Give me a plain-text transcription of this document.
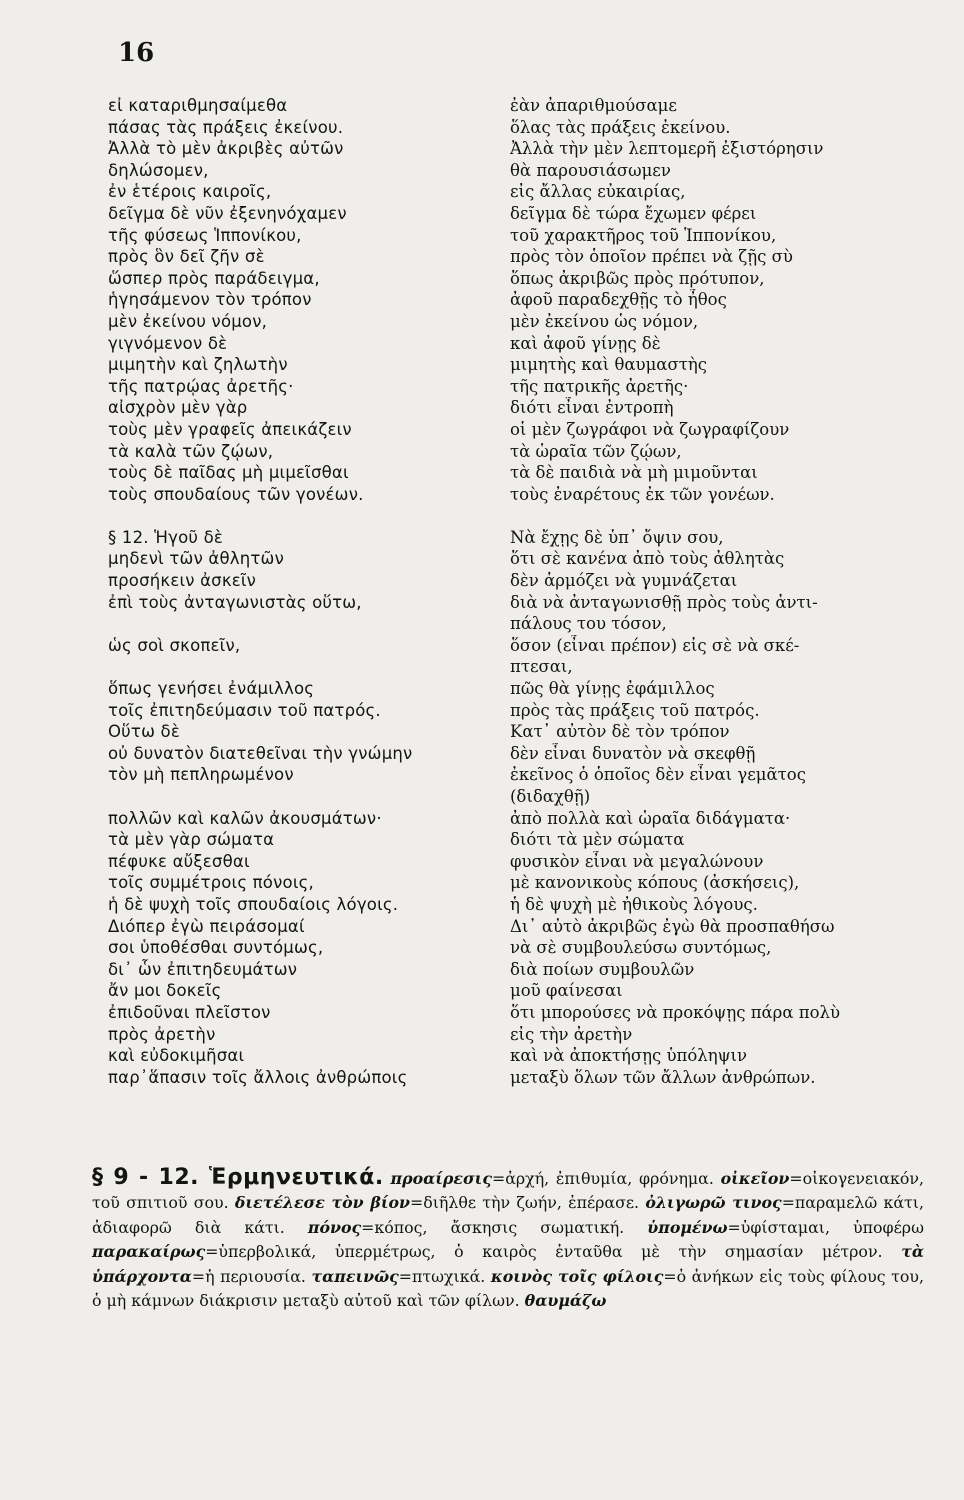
16
εἰ καταριθμησαίμεθα
πάσας τὰς πράξεις ἐκείνου.
Ἀλλὰ τὸ μὲν ἀκριβὲς αὐτῶν
δηλώσομεν,
ἐν ἑτέροις καιροῖς,
δεῖγμα δὲ νῦν ἐξενηνόχαμεν
τῆς φύσεως Ἱππονίκου,
πρὸς ὃν δεῖ ζῆν σὲ
ὥσπερ πρὸς παράδειγμα,
ἡγησάμενον τὸν τρόπον
μὲν ἐκείνου νόμον,
γιγνόμενον δὲ
μιμητὴν καὶ ζηλωτὴν
τῆς πατρῴας ἀρετῆς·
αἰσχρὸν μὲν γὰρ
τοὺς μὲν γραφεῖς ἀπεικάζειν
τὰ καλὰ τῶν ζῴων,
τοὺς δὲ παῖδας μὴ μιμεῖσθαι
τοὺς σπουδαίους τῶν γονέων.
§ 12. Ἡγοῦ δὲ
μηδενὶ τῶν ἀθλητῶν
προσήκειν ἀσκεῖν
ἐπὶ τοὺς ἀνταγωνιστὰς οὕτω,
ὡς σοὶ σκοπεῖν,
ὅπως γενήσει ἐνάμιλλος
τοῖς ἐπιτηδεύμασιν τοῦ πατρός.
Οὕτω δὲ
οὐ δυνατὸν διατεθεῖναι τὴν γνώμην
τὸν μὴ πεπληρωμένον
πολλῶν καὶ καλῶν ἀκουσμάτων·
τὰ μὲν γὰρ σώματα
πέφυκε αὔξεσθαι
τοῖς συμμέτροις πόνοις,
ἡ δὲ ψυχὴ τοῖς σπουδαίοις λόγοις.
Διόπερ ἐγὼ πειράσομαί
σοι ὑποθέσθαι συντόμως,
δι᾽ ὧν ἐπιτηδευμάτων
ἄν μοι δοκεῖς
ἐπιδοῦναι πλεῖστον
πρὸς ἀρετὴν
καὶ εὐδοκιμῆσαι
παρ᾽ἅπασιν τοῖς ἄλλοις ἀνθρώποις
ἐὰν ἀπαριθμούσαμε
ὅλας τὰς πράξεις ἐκείνου.
Ἀλλὰ τὴν μὲν λεπτομερῆ ἐξιστόρησιν
θὰ παρουσιάσωμεν
εἰς ἄλλας εὐκαιρίας,
δεῖγμα δὲ τώρα ἔχωμεν φέρει
τοῦ χαρακτῆρος τοῦ Ἱππονίκου,
πρὸς τὸν ὁποῖον πρέπει νὰ ζῇς σὺ
ὅπως ἀκριβῶς πρὸς πρότυπον,
ἀφοῦ παραδεχθῇς τὸ ἦθος
μὲν ἐκείνου ὡς νόμον,
καὶ ἀφοῦ γίνῃς δὲ
μιμητὴς καὶ θαυμαστὴς
τῆς πατρικῆς ἀρετῆς·
διότι εἶναι ἐντροπὴ
οἱ μὲν ζωγράφοι νὰ ζωγραφίζουν
τὰ ὡραῖα τῶν ζῴων,
τὰ δὲ παιδιὰ νὰ μὴ μιμοῦνται
τοὺς ἐναρέτους ἐκ τῶν γονέων.
Νὰ ἔχῃς δὲ ὑπ᾽ ὄψιν σου,
ὅτι σὲ κανένα ἀπὸ τοὺς ἀθλητὰς
δὲν ἁρμόζει νὰ γυμνάζεται
διὰ νὰ ἀνταγωνισθῇ πρὸς τοὺς ἀντι-
πάλους του τόσον,
ὅσον (εἶναι πρέπον) εἰς σὲ νὰ σκέ-
πτεσαι,
πῶς θὰ γίνῃς ἐφάμιλλος
πρὸς τὰς πράξεις τοῦ πατρός.
Κατ᾽ αὐτὸν δὲ τὸν τρόπον
δὲν εἶναι δυνατὸν νὰ σκεφθῇ
ἐκεῖνος ὁ ὁποῖος δὲν εἶναι γεμᾶτος
(διδαχθῇ)
ἀπὸ πολλὰ καὶ ὡραῖα διδάγματα·
διότι τὰ μὲν σώματα
φυσικὸν εἶναι νὰ μεγαλώνουν
μὲ κανονικοὺς κόπους (ἀσκήσεις),
ἡ δὲ ψυχὴ μὲ ἠθικοὺς λόγους.
Δι᾽ αὐτὸ ἀκριβῶς ἐγὼ θὰ προσπαθήσω
νὰ σὲ συμβουλεύσω συντόμως,
διὰ ποίων συμβουλῶν
μοῦ φαίνεσαι
ὅτι μπορούσες νὰ προκόψῃς πάρα πολὺ
εἰς τὴν ἀρετὴν
καὶ νὰ ἀποκτήσῃς ὑπόληψιν
μεταξὺ ὅλων τῶν ἄλλων ἀνθρώπων.
§ 9 - 12. Ἑρμηνευτικά. προαίρεσις=ἀρχή, ἐπιθυμία, φρόνημα. οἰκεῖον=οἰκογενειακόν, τοῦ σπιτιοῦ σου. διετέλεσε τὸν βίον=διῆλθε τὴν ζωήν, ἐπέρασε. ὀλιγωρῶ τινος=παραμελῶ κάτι, ἀδιαφορῶ διὰ κάτι. πόνος=κόπος, ἄσκησις σωματική. ὑπομένω=ὑφίσταμαι, ὑποφέρω παρακαίρως=ὑπερβολικά, ὑπερμέτρως, ὁ καιρὸς ἐνταῦθα μὲ τὴν σημασίαν μέτρον. τὰ ὑπάρχοντα=ἡ περιουσία. ταπεινῶς=πτωχικά. κοινὸς τοῖς φίλοις=ὁ ἀνήκων εἰς τοὺς φίλους του, ὁ μὴ κάμνων διάκρισιν μεταξὺ αὐτοῦ καὶ τῶν φίλων. θαυμάζω
